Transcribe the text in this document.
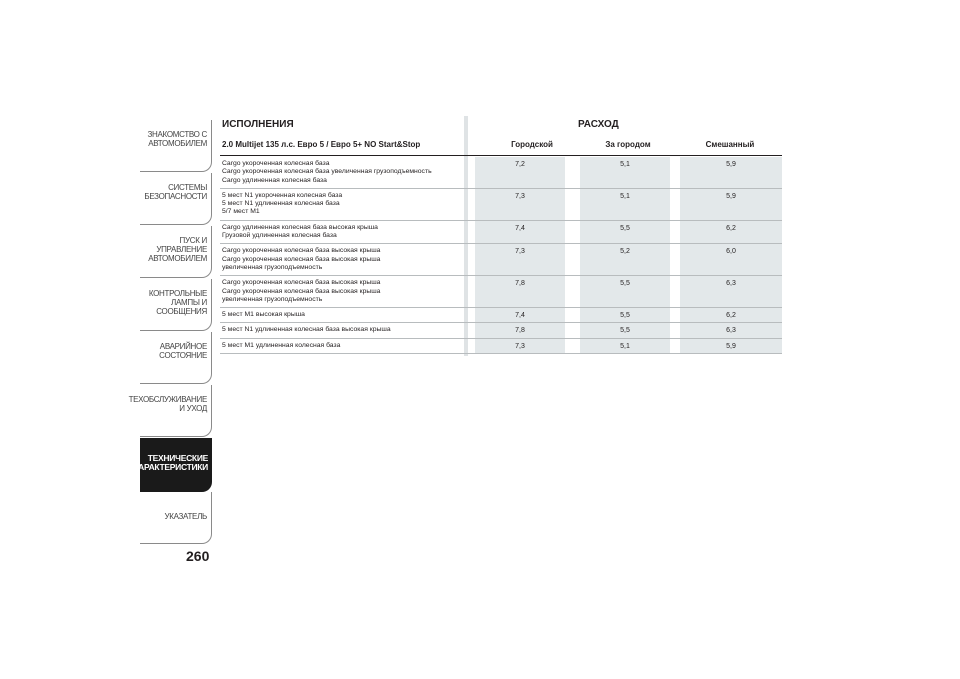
ЗНАКОМСТВО С
АВТОМОБИЛЕМ
СИСТЕМЫ
БЕЗОПАСНОСТИ
ПУСК И УПРАВЛЕНИЕ
АВТОМОБИЛЕМ
КОНТРОЛЬНЫЕ
ЛАМПЫ И
СООБЩЕНИЯ
АВАРИЙНОЕ
СОСТОЯНИЕ
ТЕХОБСЛУЖИВАНИЕ
И УХОД
ТЕХНИЧЕСКИЕ
ХАРАКТЕРИСТИКИ
УКАЗАТЕЛЬ
260
ИСПОЛНЕНИЯ	РАСХОД
2.0 Multijet 135 л.с. Евро 5 / Евро 5+ NO Start&Stop	Городской	За городом	Смешанный
Cargo укороченная колесная база
Cargo укороченная колесная база увеличенная грузоподъемность
Cargo удлиненная колесная база
7,2	5,1	5,9
5 мест N1 укороченная колесная база
5 мест N1 удлиненная колесная база
5/7 мест M1
7,3	5,1	5,9
Cargo удлиненная колесная база высокая крыша
Грузовой удлиненная колесная база
7,4	5,5	6,2
Cargo укороченная колесная база высокая крыша
Cargo укороченная колесная база высокая крыша
увеличенная грузоподъемность
7,3	5,2	6,0
Cargo укороченная колесная база высокая крыша
Cargo укороченная колесная база высокая крыша
увеличенная грузоподъемность
7,8	5,5	6,3
5 мест M1 высокая крыша	7,4	5,5	6,2
5 мест N1 удлиненная колесная база высокая крыша	7,8	5,5	6,3
5 мест M1 удлиненная колесная база	7,3	5,1	5,9
